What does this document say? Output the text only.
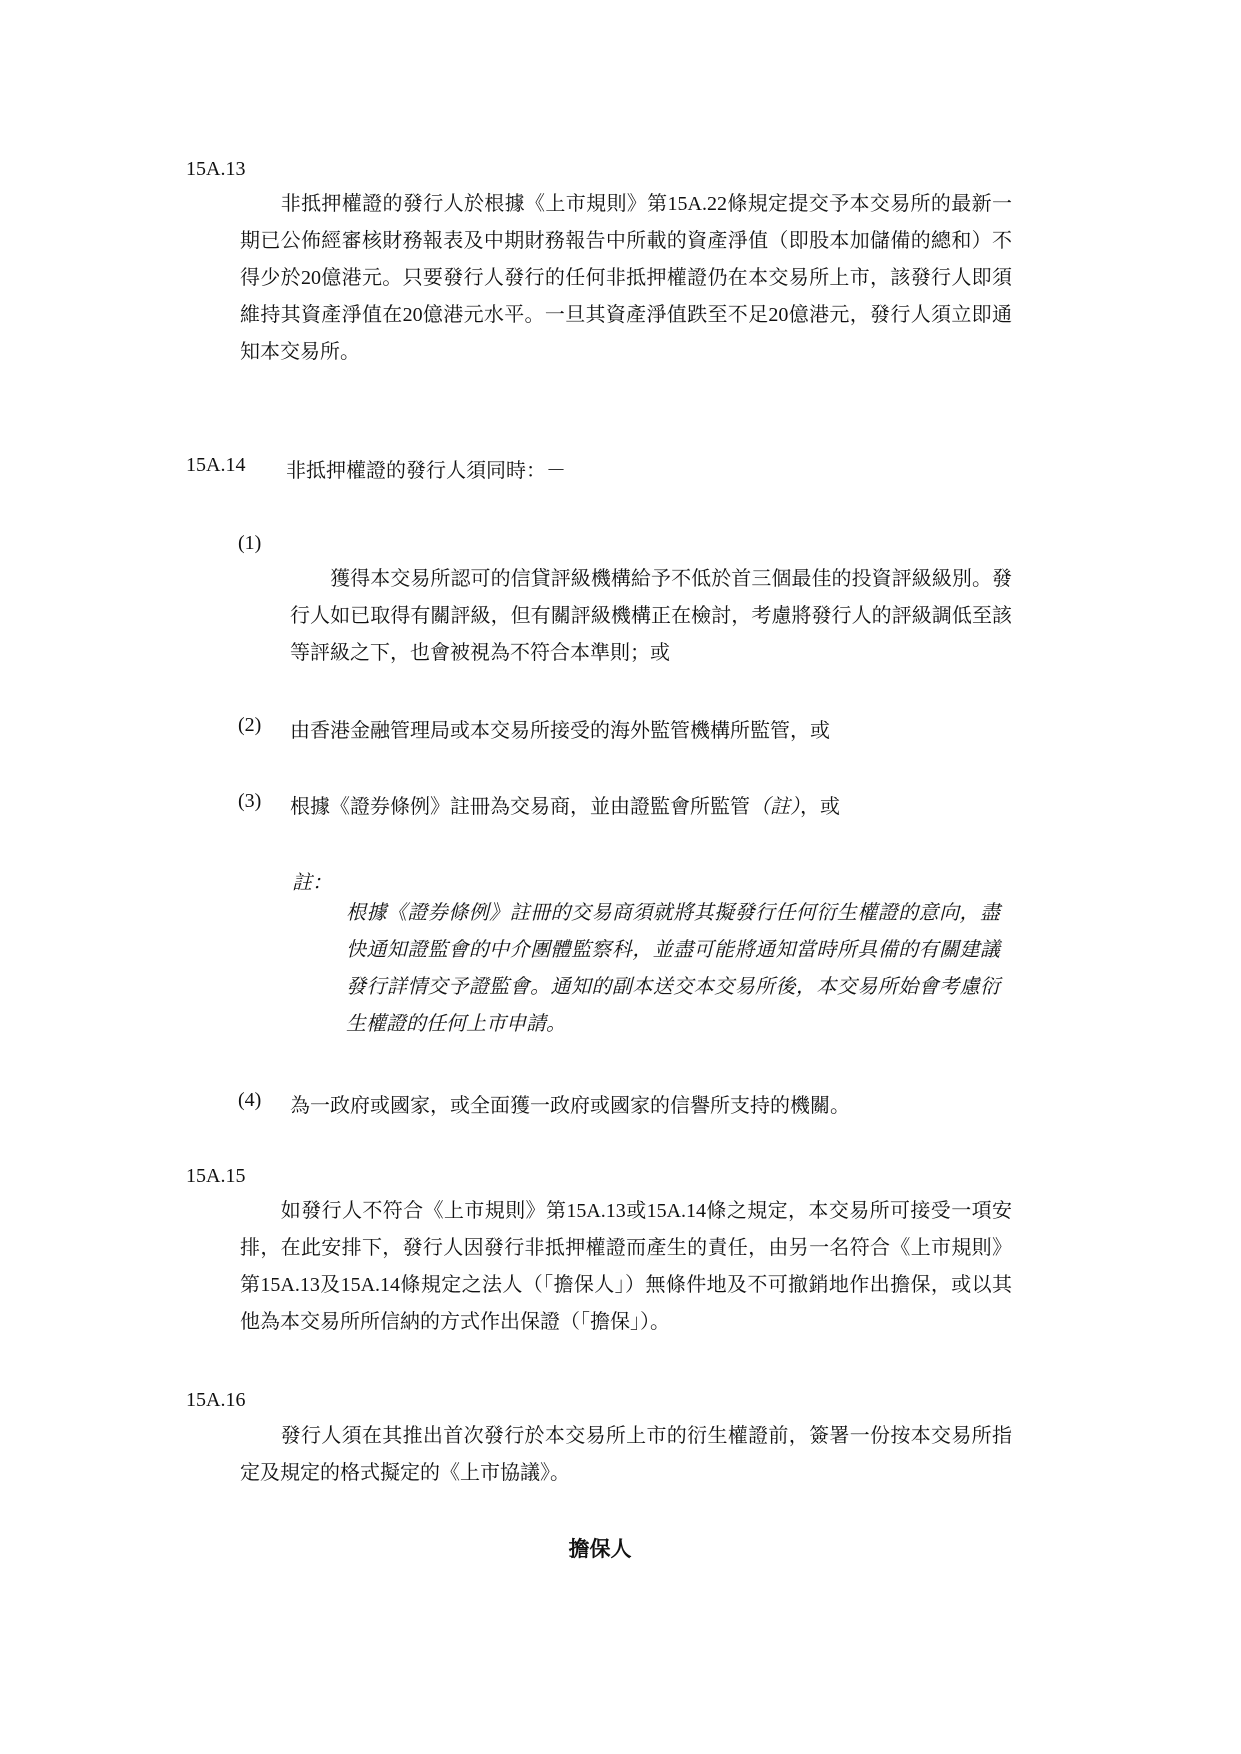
15A.13
　　非抵押權證的發行人於根據《上市規則》第15A.22條規定提交予本交易所的最新一期已公佈經審核財務報表及中期財務報告中所載的資產淨值（即股本加儲備的總和）不得少於20億港元。只要發行人發行的任何非抵押權證仍在本交易所上市，該發行人即須維持其資產淨值在20億港元水平。一旦其資產淨值跌至不足20億港元，發行人須立即通知本交易所。
15A.14 非抵押權證的發行人須同時：－
(1)
　　獲得本交易所認可的信貸評級機構給予不低於首三個最佳的投資評級級別。發行人如已取得有關評級，但有關評級機構正在檢討，考慮將發行人的評級調低至該等評級之下，也會被視為不符合本準則；或
(2) 由香港金融管理局或本交易所接受的海外監管機構所監管，或
(3) 根據《證券條例》註冊為交易商，並由證監會所監管（註），或
註：
根據《證券條例》註冊的交易商須就將其擬發行任何衍生權證的意向，盡快通知證監會的中介團體監察科，並盡可能將通知當時所具備的有關建議發行詳情交予證監會。通知的副本送交本交易所後，本交易所始會考慮衍生權證的任何上市申請。
(4) 為一政府或國家，或全面獲一政府或國家的信譽所支持的機關。
15A.15
　　如發行人不符合《上市規則》第15A.13或15A.14條之規定，本交易所可接受一項安排，在此安排下，發行人因發行非抵押權證而產生的責任，由另一名符合《上市規則》第15A.13及15A.14條規定之法人（「擔保人」）無條件地及不可撤銷地作出擔保，或以其他為本交易所所信納的方式作出保證（「擔保」）。
15A.16
　　發行人須在其推出首次發行於本交易所上市的衍生權證前，簽署一份按本交易所指定及規定的格式擬定的《上市協議》。
擔保人
